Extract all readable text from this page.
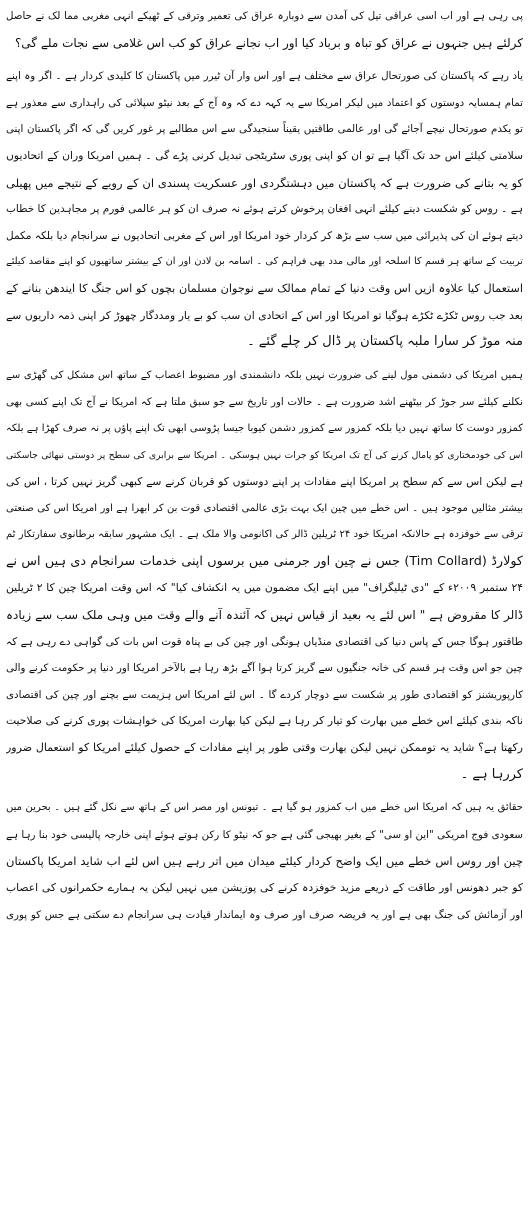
پی رہی ہے اور اب اسی عراقی تیل کی آمدن سے دوبارہ عراق کی تعمیر وترقی کے ٹھیکے انہی مغربی مما لک نے حاصل
کرلئے ہیں جنہوں نے عراق کو تباہ و برباد کیا اور اب نجانے عراق کو کب اس غلامی سے نجات ملے گی؟
یاد رہے کہ پاکستان کی صورتحال عراق سے مختلف ہے اور اس وار آن ٹیرر میں پاکستان کا کلیدی کردار ہے ۔ اگر وہ اپنے
تمام ہمسایہ دوستوں کو اعتماد میں لیکر امریکا سے یہ کہہ دے کہ وہ آج کے بعد نیٹو سپلائی کی راہداری سے معذور ہے
تو یکدم صورتحال نیچے آجائے گی اور عالمی طاقتیں یقیناً سنجیدگی سے اس مطالبے پر غور کریں گی کہ اگر پاکستان اپنی
سلامتی کیلئے اس حد تک آگیا ہے تو ان کو اپنی پوری سٹریٹجی تبدیل کرنی پڑے گی ۔ ہمیں امریکا وران کے اتحادیوں
کو یہ بتانے کی ضرورت ہے کہ پاکستان میں دہشتگردی اور عسکریت پسندی ان کے رویے کے نتیجے میں پھیلی
ہے ۔ روس کو شکست دینے کیلئے انہی افغان پرخوش کرتے ہوئے نہ صرف ان کو ہر عالمی فورم پر مجاہدین کا خطاب
دیتے ہوئے ان کی پذیرائی میں سب سے بڑھ کر کردار خود امریکا اور اس کے مغربی اتحادیوں نے سرانجام دیا بلکہ مکمل
تربیت کے ساتھ ہر قسم کا اسلحہ اور مالی مدد بھی فراہم کی ۔ اسامہ بن لادن اور ان کے بیشتر ساتھیوں کو اپنے مقاصد کیلئے
استعمال کیا علاوہ ازیں اس وقت دنیا کے تمام ممالک سے نوجوان مسلمان بچوں کو اس جنگ کا ایندھن بنانے کے
بعد جب روس ٹکڑے ٹکڑے ہوگیا تو امریکا اور اس کے اتحادی ان سب کو بے یار ومددگار چھوڑ کر اپنی ذمہ داریوں سے
منہ موڑ کر سارا ملبہ پاکستان پر ڈال کر چلے گئے ۔
ہمیں امریکا کی دشمنی مول لینے کی ضرورت نہیں بلکہ دانشمندی اور مضبوط اعصاب کے ساتھ اس مشکل کی گھڑی سے
نکلنے کیلئے سر جوڑ کر بیٹھنے اشد ضرورت ہے ۔ حالات اور تاریخ سے جو سبق ملتا ہے کہ امریکا نے آج تک اپنے کسی بھی
کمزور دوست کا ساتھ نہیں دیا بلکہ کمزور سے کمزور دشمن کیوبا جیسا پڑوسی ابھی تک اپنے پاؤں پر نہ صرف کھڑا ہے بلکہ
اس کی خودمختاری کو پامال کرنے کی آج تک امریکا کو جرات نہیں ہوسکی ۔ امریکا سے برابری کی سطح پر دوستی نبھائی جاسکتی
ہے لیکن اس سے کم سطح پر امریکا اپنے مفادات پر اپنے دوستوں کو قربان کرنے سے کبھی گریز نہیں کرتا ، اس کی
بیشتر مثالیں موجود ہیں ۔ اس خطے میں چین ایک بہت بڑی عالمی اقتصادی قوت بن کر ابھرا ہے اور امریکا اس کی صنعتی
ترقی سے خوفزدہ ہے حالانکہ امریکا خود ۲۴ ٹریلین ڈالر کی اکانومی والا ملک ہے ۔ ایک مشہور سابقہ برطانوی سفارتکار ٹم
کولارڈ (Tim Collard) جس نے چین اور جرمنی میں برسوں اپنی خدمات سرانجام دی ہیں اس نے
۲۴ ستمبر ۲۰۰۹ء کے "دی ٹیلیگراف" میں اپنے ایک مضمون میں یہ انکشاف کیا" کہ اس وقت امریکا چین کا ۲ ٹریلین
ڈالر کا مقروض ہے " اس لئے یہ بعید از قیاس نہیں کہ آئندہ آنے والے وقت میں وہی ملک سب سے زیادہ
طاقتور ہوگا جس کے پاس دنیا کی اقتصادی منڈیاں ہونگی اور چین کی بے پناہ قوت اس بات کی گواہی دے رہی ہے کہ
چین جو اس وقت ہر قسم کی خانہ جنگیوں سے گریز کرتا ہوا آگے بڑھ رہا ہے بالآخر امریکا اور دنیا پر حکومت کرنے والی
کارپوریشنز کو اقتصادی طور پر شکست سے دوچار کردے گا ۔ اس لئے امریکا اس ہزیمت سے بچنے اور چین کی اقتصادی
ناکہ بندی کیلئے اس خطے میں بھارت کو تیار کر رہا ہے لیکن کیا بھارت امریکا کی خواہشات پوری کرنے کی صلاحیت
رکھتا ہے؟ شاید یہ توممکن نہیں لیکن بھارت وقتی طور پر اپنے مفادات کے حصول کیلئے امریکا کو استعمال ضرور
کررہا ہے ۔
حقائق یہ ہیں کہ امریکا اس خطے میں اب کمزور ہو گیا ہے ۔ تیونس اور مصر اس کے ہاتھ سے نکل گئے ہیں ۔ بحرین میں
سعودی فوج امریکی "این او سی" کے بغیر بھیجی گئی ہے جو کہ نیٹو کا رکن ہوتے ہوئے اپنی خارجہ پالیسی خود بنا رہا ہے
چین اور روس اس خطے میں ایک واضح کردار کیلئے میدان میں اتر رہے ہیں اس لئے اب شاید امریکا پاکستان
کو جبر دھونس اور طاقت کے ذریعے مزید خوفزدہ کرنے کی پوزیشن میں نہیں لیکن یہ ہمارے حکمرانوں کی اعصاب
اور آزمائش کی جنگ بھی ہے اور یہ فریضہ صرف اور صرف وہ ایماندار قیادت ہی سرانجام دے سکتی ہے جس کو پوری
